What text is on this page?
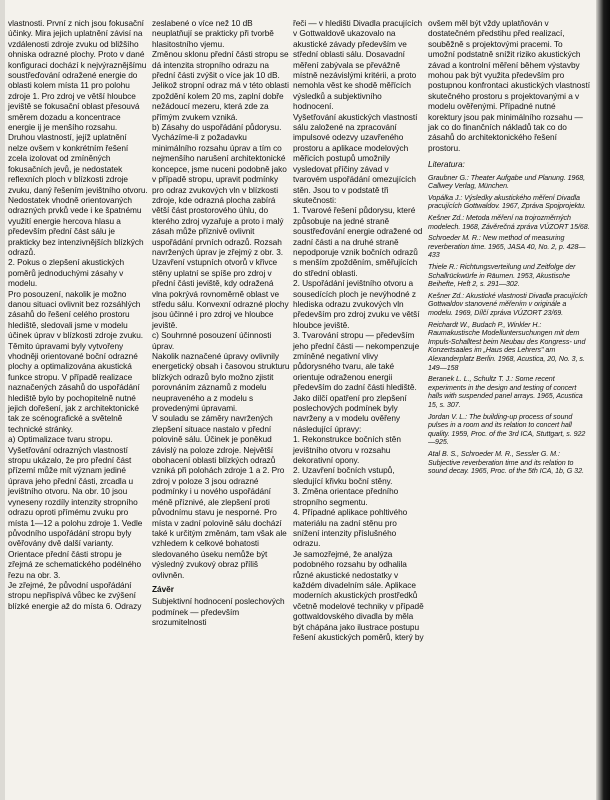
vlastnosti. První z nich jsou fokusační účinky. Mira jejich uplatnění závisí na vzdálenosti zdroje zvuku od bližšího ohniska odrazné plochy. Proto v dané konfiguraci dochází k nejvýraznějšímu soustřeďování odražené energie do oblasti kolem místa 11 pro polohu zdroje 1. Pro zdroj ve větší hloubce jeviště se fokusační oblast přesouvá směrem dozadu a koncentrace energie ij je menšího rozsahu.

Druhou vlastností, jejíž uplatnění nelze ovšem v konkrétním řešení zcela izolovat od zmíněných fokusačních jevů, je nedostatek reflexních ploch v blízkosti zdroje zvuku, daný řešením jevištního otvoru.

Nedostatek vhodně orientovaných odrazných prvků vede i ke špatnému využití energie hercova hlasu a především přední část sálu je prakticky bez intenzivnějších blízkých odrazů.

2. Pokus o zlepšení akustických poměrů jednoduchými zásahy v modelu.

Pro posouzení, nakolik je možno danou situaci ovlivnit bez rozsáhlých zásahů do řešení celého prostoru hlediště, sledovali jsme v modelu účinek úprav v blízkosti zdroje zvuku. Těmito úpravami byly vytvořeny vhodněji orientované boční odrazné plochy a optimalizována akustická funkce stropu. V případě realizace naznačených zásahů do uspořádání hlediště bylo by pochopitelně nutné jejich dořešení, jak z architektonické tak ze scénografické a světelně technické stránky.

a) Optimalizace tvaru stropu. Vyšetřování odrazných vlastností stropu ukázalo, že pro přední část přízemí může mít význam jediné úprava jeho přední části, zrcadla u jevištního otvoru. Na obr. 10 jsou vyneseny rozdíly intenzity stropního odrazu oproti přímému zvuku pro místa 1—12 a polohu zdroje 1. Vedle původního uspořádání stropu byly ověřovány dvě další varianty. Orientace přední části stropu je zřejmá ze schematického podélného řezu na obr. 3.

Je zřejmé, že původní uspořádání stropu nepřispívá vůbec ke zvýšení blízké energie až do místa 6. Odrazy

zeslabené o více než 10 dB neuplatňují se prakticky při tvorbě hlasitostního vjemu.

Změnou sklonu přední části stropu se dá intenzita stropního odrazu na přední části zvýšit o více jak 10 dB. Jelikož stropní odraz má v této oblasti zpoždění kolem 20 ms, zaplní dobře nežádoucí mezeru, která zde za přímým zvukem vzniká.

b) Zásahy do uspořádání půdorysu.

Vycházíme-li z požadavku minimálního rozsahu úprav a tím co nejmenšího narušení architektonické koncepce, jsme nuceni podobně jako v případě stropu, upravit podmínky pro odraz zvukových vln v blízkosti zdroje, kde odrazná plocha zabírá větší část prostorového úhlu, do kterého zdroj vyzařuje a proto i malý zásah může příznivě ovlivnit uspořádání prvních odrazů. Rozsah navržených úprav je zřejmý z obr. 3.

Uzavření vstupních otvorů v křivce stěny uplatní se spíše pro zdroj v přední části jeviště, kdy odražená vlna pokrývá rovnoměrně oblast ve středu sálu. Konvexní odrazné plochy jsou účinné i pro zdroj ve hloubce jeviště.

c) Souhrnné posouzení účinnosti úprav.

Nakolik naznačené úpravy ovlivnily energetický obsah i časovou strukturu blízkých odrazů bylo možno zjistit porovnáním záznamů z modelu neupraveného a z modelu s provedenými úpravami.

V souladu se záměry navržených zlepšení situace nastalo v přední polovině sálu. Účinek je poněkud závislý na poloze zdroje. Největší obohacení oblasti blízkých odrazů vzniká při polohách zdroje 1 a 2. Pro zdroj v poloze 3 jsou odrazné podmínky i u nového uspořádání méně příznivé, ale zlepšení proti původnímu stavu je nesporné. Pro místa v zadní polovině sálu dochází také k určitým změnám, tam však ale vzhledem k celkové bohatosti sledovaného úseku nemůže být výsledný zvukový obraz příliš ovlivněn.

Závěr

Subjektivní hodnocení poslechových podmínek — především srozumitelnosti

řeči — v hledišti Divadla pracujících v Gottwaldově ukazovalo na akustické závady především ve střední oblasti sálu. Dosavadní měření zabývala se převážně místně nezávislými kritérii, a proto nemohla věst ke shodě měřících výsledků a subjektivního hodnocení.

Vyšetřování akustických vlastností sálu založené na zpracování impulsové odezvy uzavřeného prostoru a aplikace modelových měřicích postupů umožnily vysledovat příčiny závad v tvarovém uspořádání omezujících stěn. Jsou to v podstatě tři skutečnosti:

1. Tvarové řešení půdorysu, které způsobuje na jedné straně soustřeďování energie odražené od zadní části a na druhé straně nepodporuje vznik bočních odrazů s menším zpožděním, směřujících do střední oblasti.

2. Uspořádání jevištního otvoru a sousedících ploch je nevýhodné z hlediska odrazu zvukových vln především pro zdroj zvuku ve větší hloubce jeviště.

3. Tvarování stropu — především jeho přední části — nekompenzuje zmíněné negativní vlivy půdorysného tvaru, ale také orientuje odraženou energii především do zadní části hlediště.

Jako dílčí opatření pro zlepšení poslechových podmínek byly navrženy a v modelu ověřeny následující úpravy:

1. Rekonstrukce bočních stěn jevištního otvoru v rozsahu dekorativní opony.

2. Uzavření bočních vstupů, sledující křivku boční stěny.

3. Změna orientace předního stropního segmentu.

4. Případné aplikace pohltivého materiálu na zadní stěnu pro snížení intenzity příslušného odrazu.

Je samozřejmé, že analýza podobného rozsahu by odhalila různé akustické nedostatky v každém divadelním sále. Aplikace moderních akustických prostředků včetně modelové techniky v případě gottwaldovského divadla by měla být chápána jako ilustrace postupu řešení akustických poměrů, který by

ovšem měl být vždy uplatňován v dostatečném předstihu před realizací, souběžně s projektovými pracemi. To umožní podstatně snížit riziko akustických závad a kontrolní měření během výstavby mohou pak být využita především pro postupnou konfrontaci akustických vlastností skutečného prostoru s projektovanými a v modelu ověřenými. Případné nutné korektury jsou pak minimálního rozsahu — jak co do finančních nákladů tak co do zásahů do architektonického řešení prostoru.

Literatura:

Graubner G.: Theater Aufgabe und Planung. 1968, Callwey Verlag, München.

Vopálka J.: Výsledky akustického měření Divadla pracujících Gottwaldov. 1967, Zpráva Spojprojektu.

Kešner Zd.: Metoda měření na trojrozměrných modelech. 1968, Závěrečná zpráva VÚZORT 15/68.

Schroeder M. R.: New method of measuring reverberation time. 1965, JASA 40, No. 2, p. 428—433

Thiele R.: Richtungsverteilung und Zeitfolge der Schallrückwürfe in Räumen. 1953, Akustische Beihefte, Heft 2, s. 291—302.

Kešner Zd.: Akustické vlastnosti Divadla pracujících Gottwaldov stanovené měřením v originále a modelu. 1969, Dílčí zpráva VÚZORT 23/69.

Reichardt W., Budach P., Winkler H.: Raumakustische Modelluntersuchungen mit dem Impuls-Schalltest beim Neubau des Kongress- und Konzertsaales im „Haus des Lehrers" am Alexanderplatz Berlin. 1968, Acustica, 20, No. 3, s. 149—158

Beranek L. L., Schultz T. J.: Some recent experiments in the design and testing of concert halls with suspended panel arrays. 1965, Acustica 15, s. 307.

Jordan V. L.: The building-up process of sound pulses in a room and its relation to concert hall quality. 1959, Proc. of the 3rd ICA, Stuttgart, s. 922—925.

Atal B. S., Schroeder M. R., Sessler G. M.: Subjective reverberation time and its relation to sound decay. 1965, Proc. of the 5th ICA, 1b, G 32.
